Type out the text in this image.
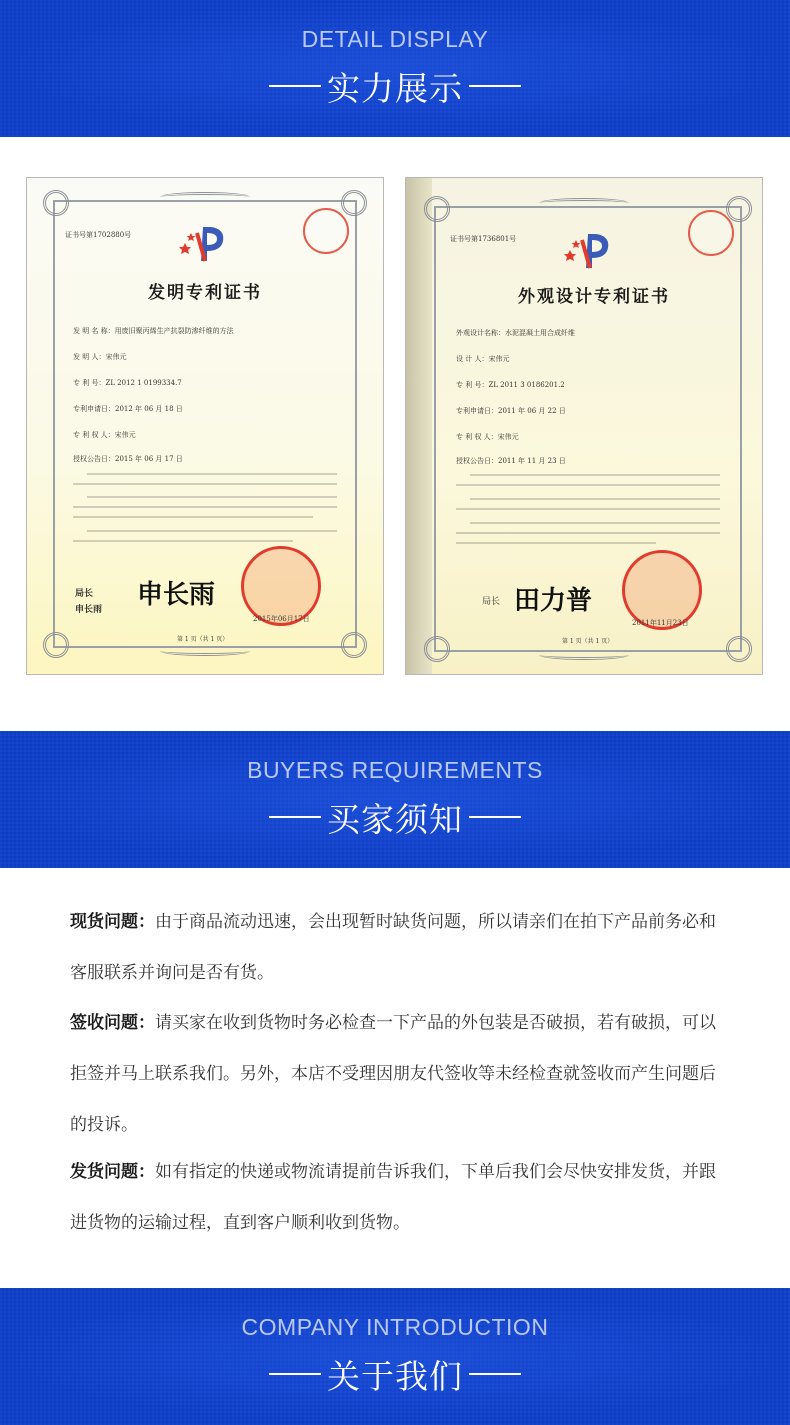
DETAIL DISPLAY
实力展示
证书号第1702880号
发明专利证书
发 明 名 称：用废旧聚丙烯生产抗裂防渗纤维的方法
发 明 人：宋伟元
专 利 号：ZL 2012 1 0199334.7
专利申请日：2012 年 06 月 18 日
专 利 权 人：宋伟元
授权公告日：2015 年 06 月 17 日
局长
申长雨 申长雨
2015年06月17日
第 1 页（共 1 页）
证书号第1736801号
外观设计专利证书
外观设计名称：水泥混凝土用合成纤维
设 计 人：宋伟元
专 利 号：ZL 2011 3 0186201.2
专利申请日：2011 年 06 月 22 日
专 利 权 人：宋伟元
授权公告日：2011 年 11 月 23 日
局长 田力普
2011年11月23日
第 1 页（共 1 页）
BUYERS REQUIREMENTS
买家须知
现货问题：由于商品流动迅速，会出现暂时缺货问题，所以请亲们在拍下产品前务必和客服联系并询问是否有货。
签收问题：请买家在收到货物时务必检查一下产品的外包装是否破损，若有破损，可以拒签并马上联系我们。另外，本店不受理因朋友代签收等未经检查就签收而产生问题后的投诉。
发货问题：如有指定的快递或物流请提前告诉我们，下单后我们会尽快安排发货，并跟进货物的运输过程，直到客户顺利收到货物。
COMPANY INTRODUCTION
关于我们
